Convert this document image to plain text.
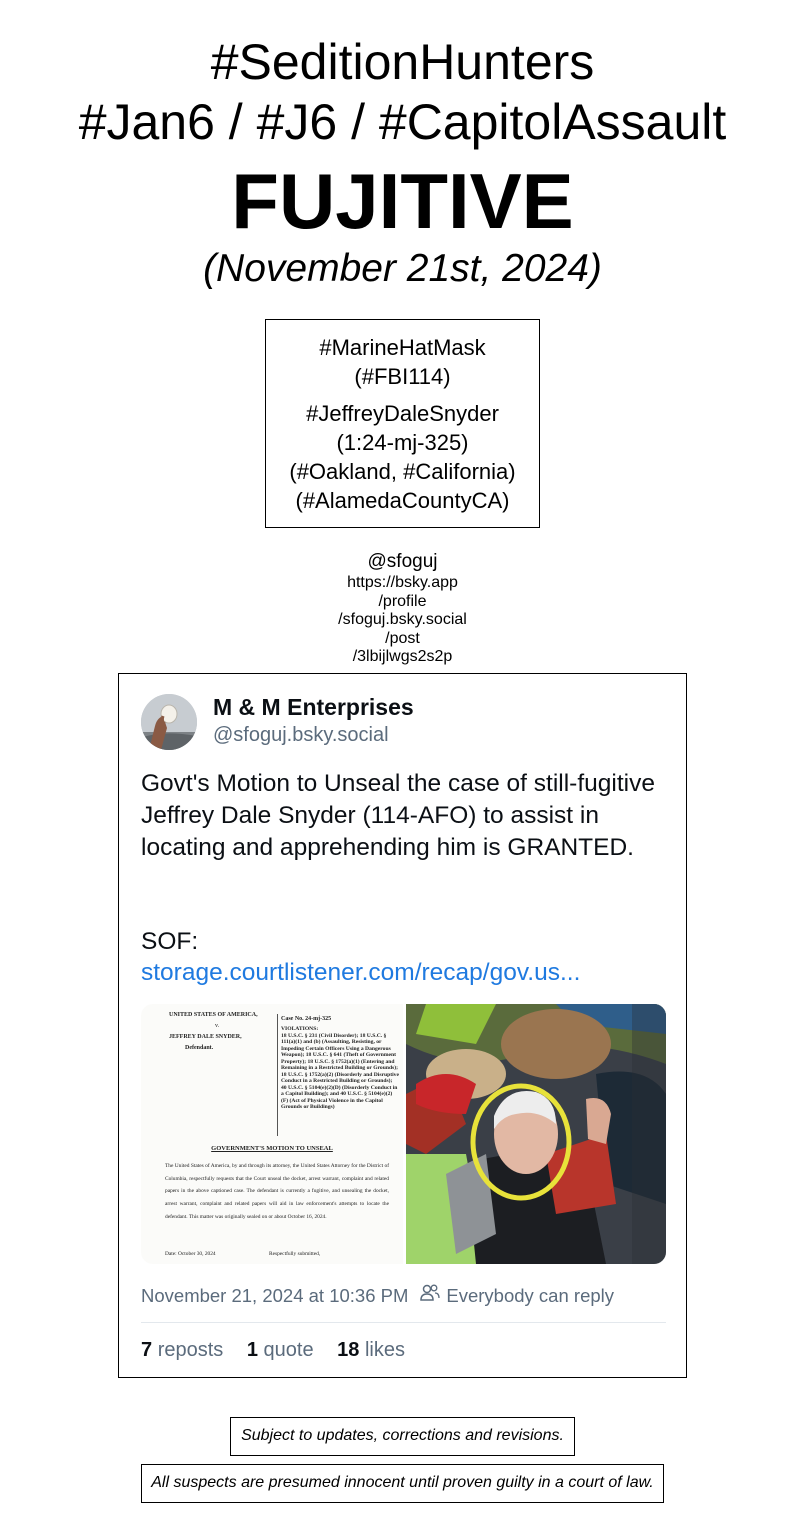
#SeditionHunters
#Jan6 / #J6 / #CapitolAssault
FUJITIVE
(November 21st, 2024)
#MarineHatMask
(#FBI114)
#JeffreyDaleSnyder
(1:24-mj-325)
(#Oakland, #California)
(#AlamedaCountyCA)
@sfoguj
https://bsky.app
/profile
/sfoguj.bsky.social
/post
/3lbijlwgs2s2p
M & M Enterprises
@sfoguj.bsky.social
Govt's Motion to Unseal the case of still-fugitive Jeffrey Dale Snyder (114-AFO) to assist in locating and apprehending him is GRANTED.
SOF:
storage.courtlistener.com/recap/gov.us...
UNITED STATES OF AMERICA,
v.
JEFFREY DALE SNYDER,
Defendant.
Case No. 24-mj-325
VIOLATIONS:
18 U.S.C. § 231 (Civil Disorder); 18 U.S.C. § 111(a)(1) and (b) (Assaulting, Resisting, or Impeding Certain Officers Using a Dangerous Weapon); 18 U.S.C. § 641 (Theft of Government Property); 18 U.S.C. § 1752(a)(1) (Entering and Remaining in a Restricted Building or Grounds); 18 U.S.C. § 1752(a)(2) (Disorderly and Disruptive Conduct in a Restricted Building or Grounds); 40 U.S.C. § 5104(e)(2)(D) (Disorderly Conduct in a Capitol Building); and 40 U.S.C. § 5104(e)(2)(F) (Act of Physical Violence in the Capitol Grounds or Buildings)
GOVERNMENT'S MOTION TO UNSEAL
The United States of America, by and through its attorney, the United States Attorney for the District of Columbia, respectfully requests that the Court unseal the docket, arrest warrant, complaint and related papers in the above captioned case. The defendant is currently a fugitive, and unsealing the docket, arrest warrant, complaint and related papers will aid in law enforcement's attempts to locate the defendant. This matter was originally sealed on or about October 16, 2024.
Date: October 30, 2024	Respectfully submitted,
November 21, 2024 at 10:36 PM Everybody can reply
7 reposts 1 quote 18 likes
Subject to updates, corrections and revisions.
All suspects are presumed innocent until proven guilty in a court of law.
